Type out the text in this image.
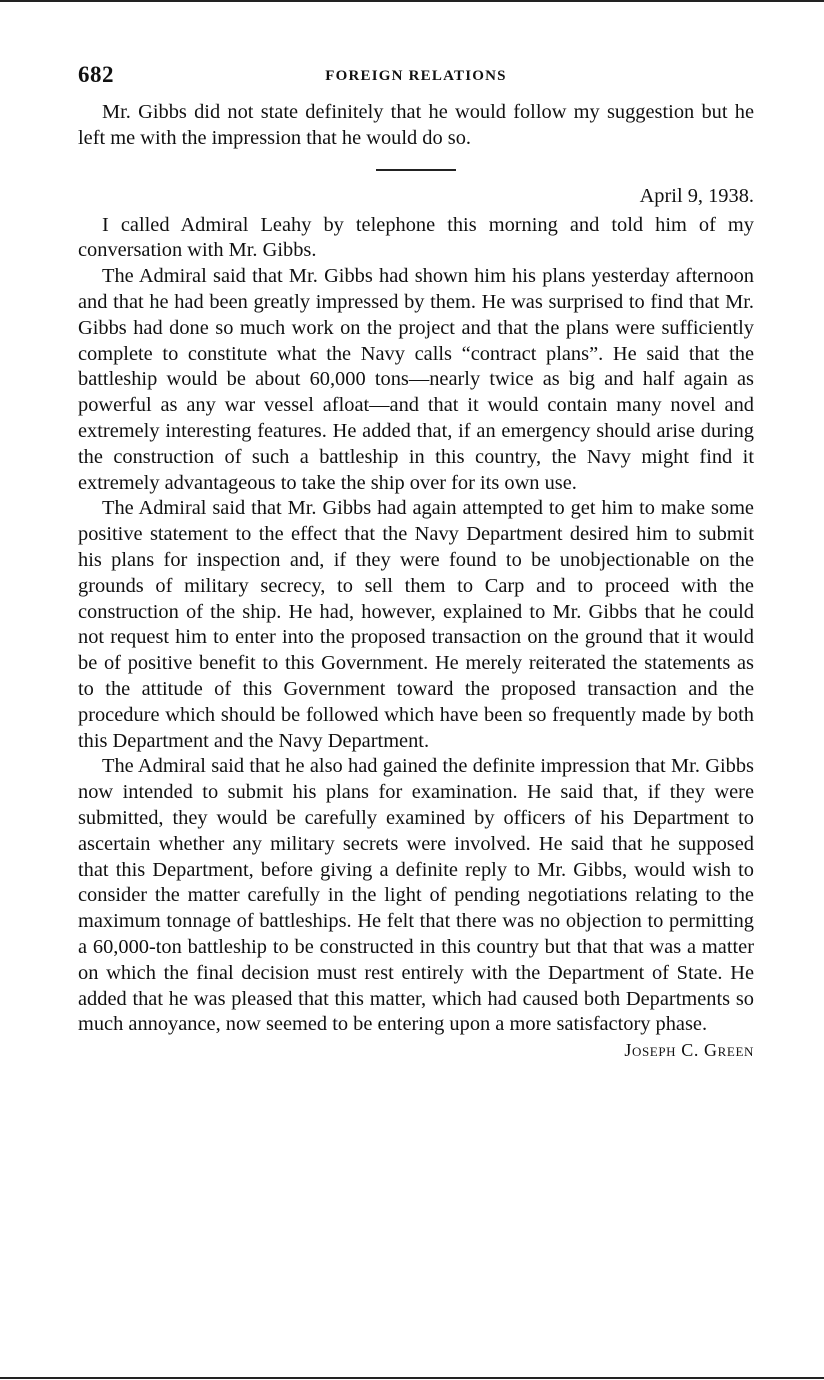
682	FOREIGN RELATIONS

Mr. Gibbs did not state definitely that he would follow my suggestion but he left me with the impression that he would do so.

April 9, 1938.

I called Admiral Leahy by telephone this morning and told him of my conversation with Mr. Gibbs.

The Admiral said that Mr. Gibbs had shown him his plans yesterday afternoon and that he had been greatly impressed by them. He was surprised to find that Mr. Gibbs had done so much work on the project and that the plans were sufficiently complete to constitute what the Navy calls “contract plans”. He said that the battleship would be about 60,000 tons—nearly twice as big and half again as powerful as any war vessel afloat—and that it would contain many novel and extremely interesting features. He added that, if an emergency should arise during the construction of such a battleship in this country, the Navy might find it extremely advantageous to take the ship over for its own use.

The Admiral said that Mr. Gibbs had again attempted to get him to make some positive statement to the effect that the Navy Department desired him to submit his plans for inspection and, if they were found to be unobjectionable on the grounds of military secrecy, to sell them to Carp and to proceed with the construction of the ship. He had, however, explained to Mr. Gibbs that he could not request him to enter into the proposed transaction on the ground that it would be of positive benefit to this Government. He merely reiterated the statements as to the attitude of this Government toward the proposed transaction and the procedure which should be followed which have been so frequently made by both this Department and the Navy Department.

The Admiral said that he also had gained the definite impression that Mr. Gibbs now intended to submit his plans for examination. He said that, if they were submitted, they would be carefully examined by officers of his Department to ascertain whether any military secrets were involved. He said that he supposed that this Department, before giving a definite reply to Mr. Gibbs, would wish to consider the matter carefully in the light of pending negotiations relating to the maximum tonnage of battleships. He felt that there was no objection to permitting a 60,000-ton battleship to be constructed in this country but that that was a matter on which the final decision must rest entirely with the Department of State. He added that he was pleased that this matter, which had caused both Departments so much annoyance, now seemed to be entering upon a more satisfactory phase.

Joseph C. Green
